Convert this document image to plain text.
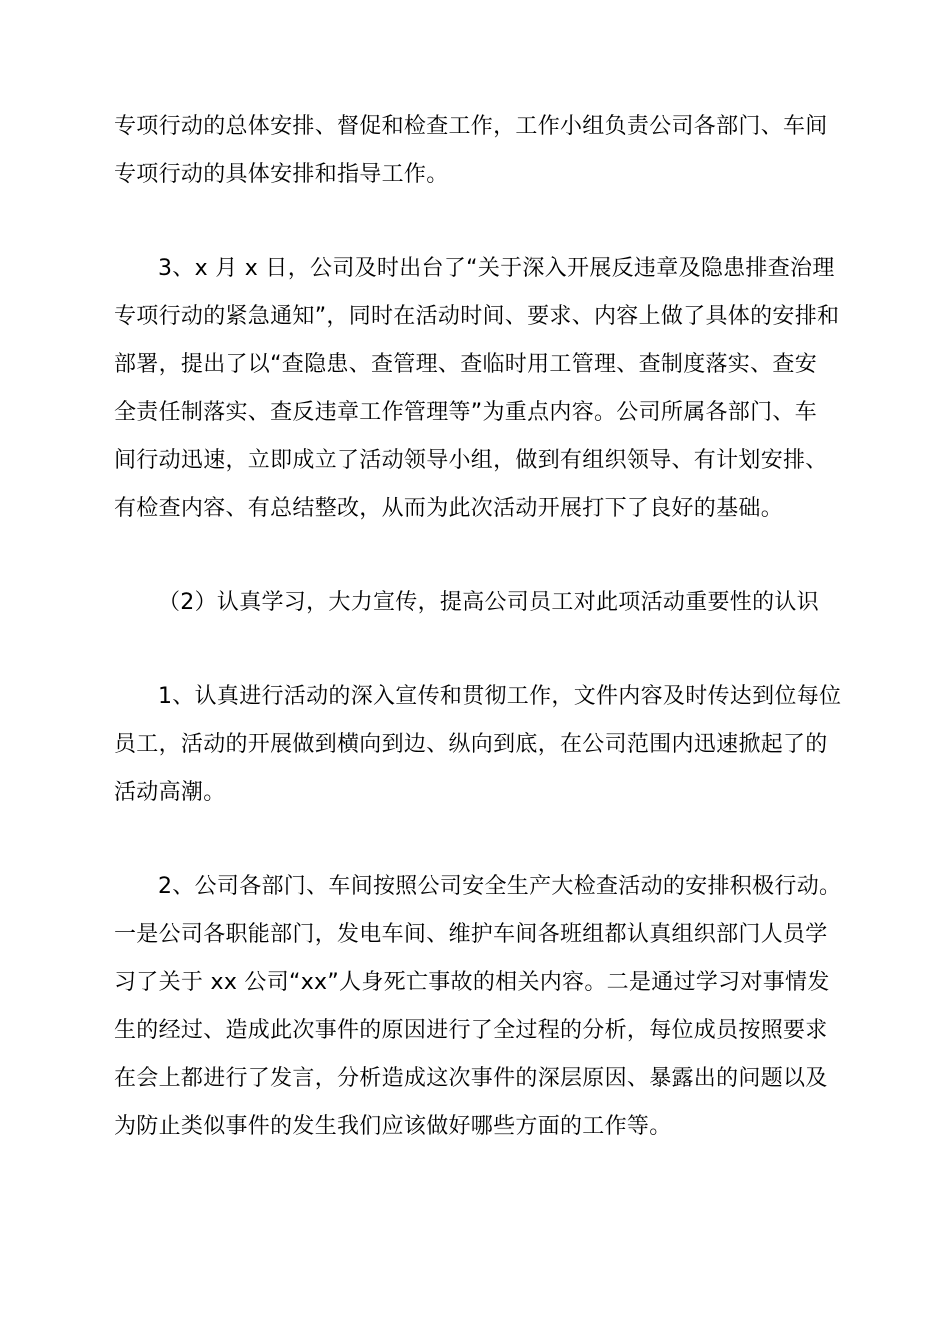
专项行动的总体安排、督促和检查工作，工作小组负责公司各部门、车间
专项行动的具体安排和指导工作。
3、x 月 x 日，公司及时出台了“关于深入开展反违章及隐患排查治理
专项行动的紧急通知”，同时在活动时间、要求、内容上做了具体的安排和
部署，提出了以“查隐患、查管理、查临时用工管理、查制度落实、查安
全责任制落实、查反违章工作管理等”为重点内容。公司所属各部门、车
间行动迅速，立即成立了活动领导小组，做到有组织领导、有计划安排、
有检查内容、有总结整改，从而为此次活动开展打下了良好的基础。
（2）认真学习，大力宣传，提高公司员工对此项活动重要性的认识
1、认真进行活动的深入宣传和贯彻工作，文件内容及时传达到位每位
员工，活动的开展做到横向到边、纵向到底，在公司范围内迅速掀起了的
活动高潮。
2、公司各部门、车间按照公司安全生产大检查活动的安排积极行动。
一是公司各职能部门，发电车间、维护车间各班组都认真组织部门人员学
习了关于 xx 公司“xx”人身死亡事故的相关内容。二是通过学习对事情发
生的经过、造成此次事件的原因进行了全过程的分析，每位成员按照要求
在会上都进行了发言，分析造成这次事件的深层原因、暴露出的问题以及
为防止类似事件的发生我们应该做好哪些方面的工作等。
